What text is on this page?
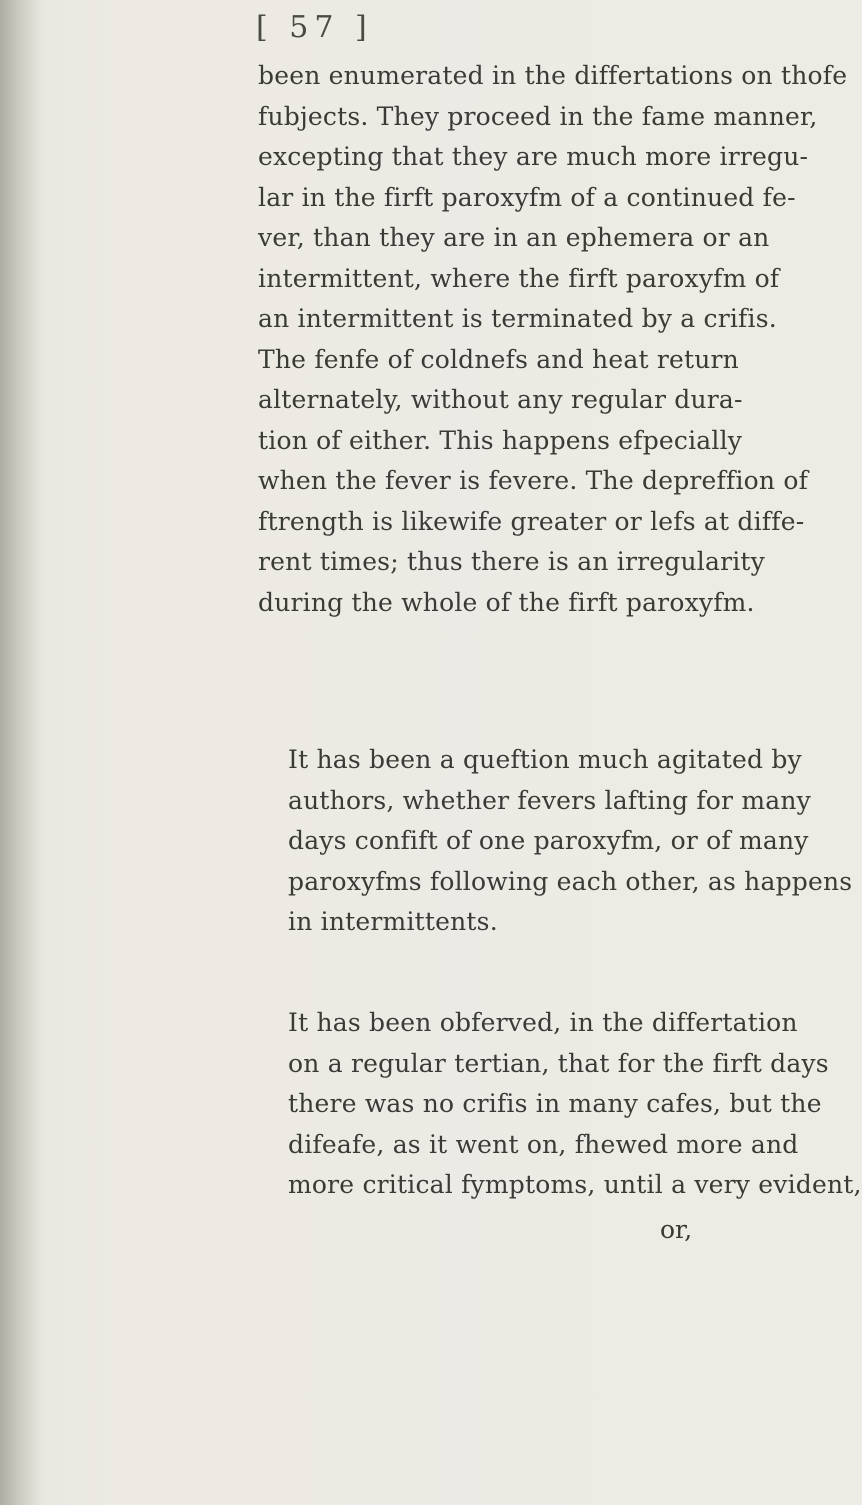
[ 57 ]
been enumerated in the differtations on thofe
fubjects. They proceed in the fame manner,
excepting that they are much more irregu-
lar in the firft paroxyfm of a continued fe-
ver, than they are in an ephemera or an
intermittent, where the firft paroxyfm of
an intermittent is terminated by a crifis.
The fenfe of coldnefs and heat return
alternately, without any regular dura-
tion of either. This happens efpecially
when the fever is fevere. The depreffion of
ftrength is likewife greater or lefs at diffe-
rent times; thus there is an irregularity
during the whole of the firft paroxyfm.
It has been a queftion much agitated by
authors, whether fevers lafting for many
days confift of one paroxyfm, or of many
paroxyfms following each other, as happens
in intermittents.
It has been obferved, in the differtation
on a regular tertian, that for the firft days
there was no crifis in many cafes, but the
difeafe, as it went on, fhewed more and
more critical fymptoms, until a very evident,
or,
